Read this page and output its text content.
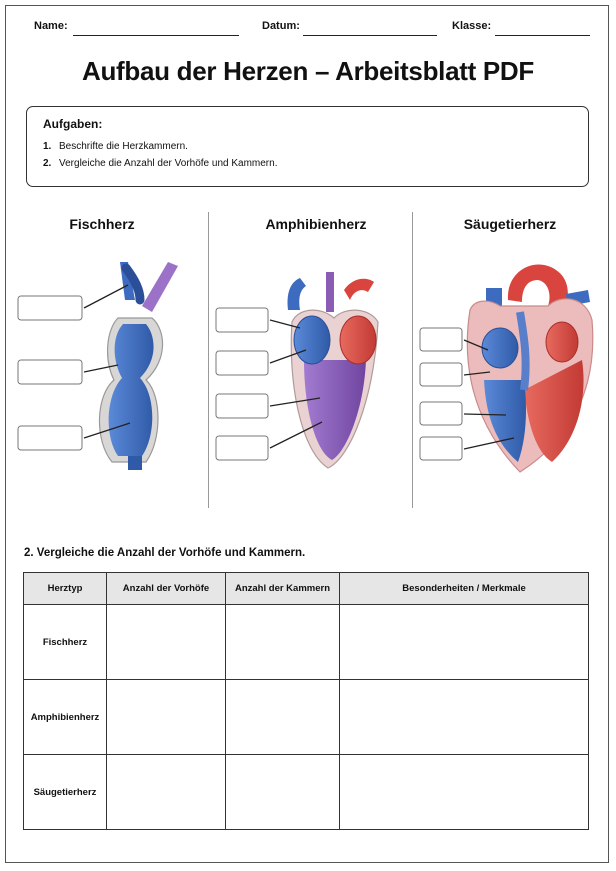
Name:	Datum:	Klasse:
Aufbau der Herzen – Arbeitsblatt PDF
Aufgaben:
1. Beschrifte die Herzkammern.
2. Vergleiche die Anzahl der Vorhöfe und Kammern.
Fischherz	Amphibienherz	Säugetierherz
2. Vergleiche die Anzahl der Vorhöfe und Kammern.
Herztyp	Anzahl der Vorhöfe	Anzahl der Kammern	Besonderheiten / Merkmale
Fischherz			
Amphibienherz			
Säugetierherz			
